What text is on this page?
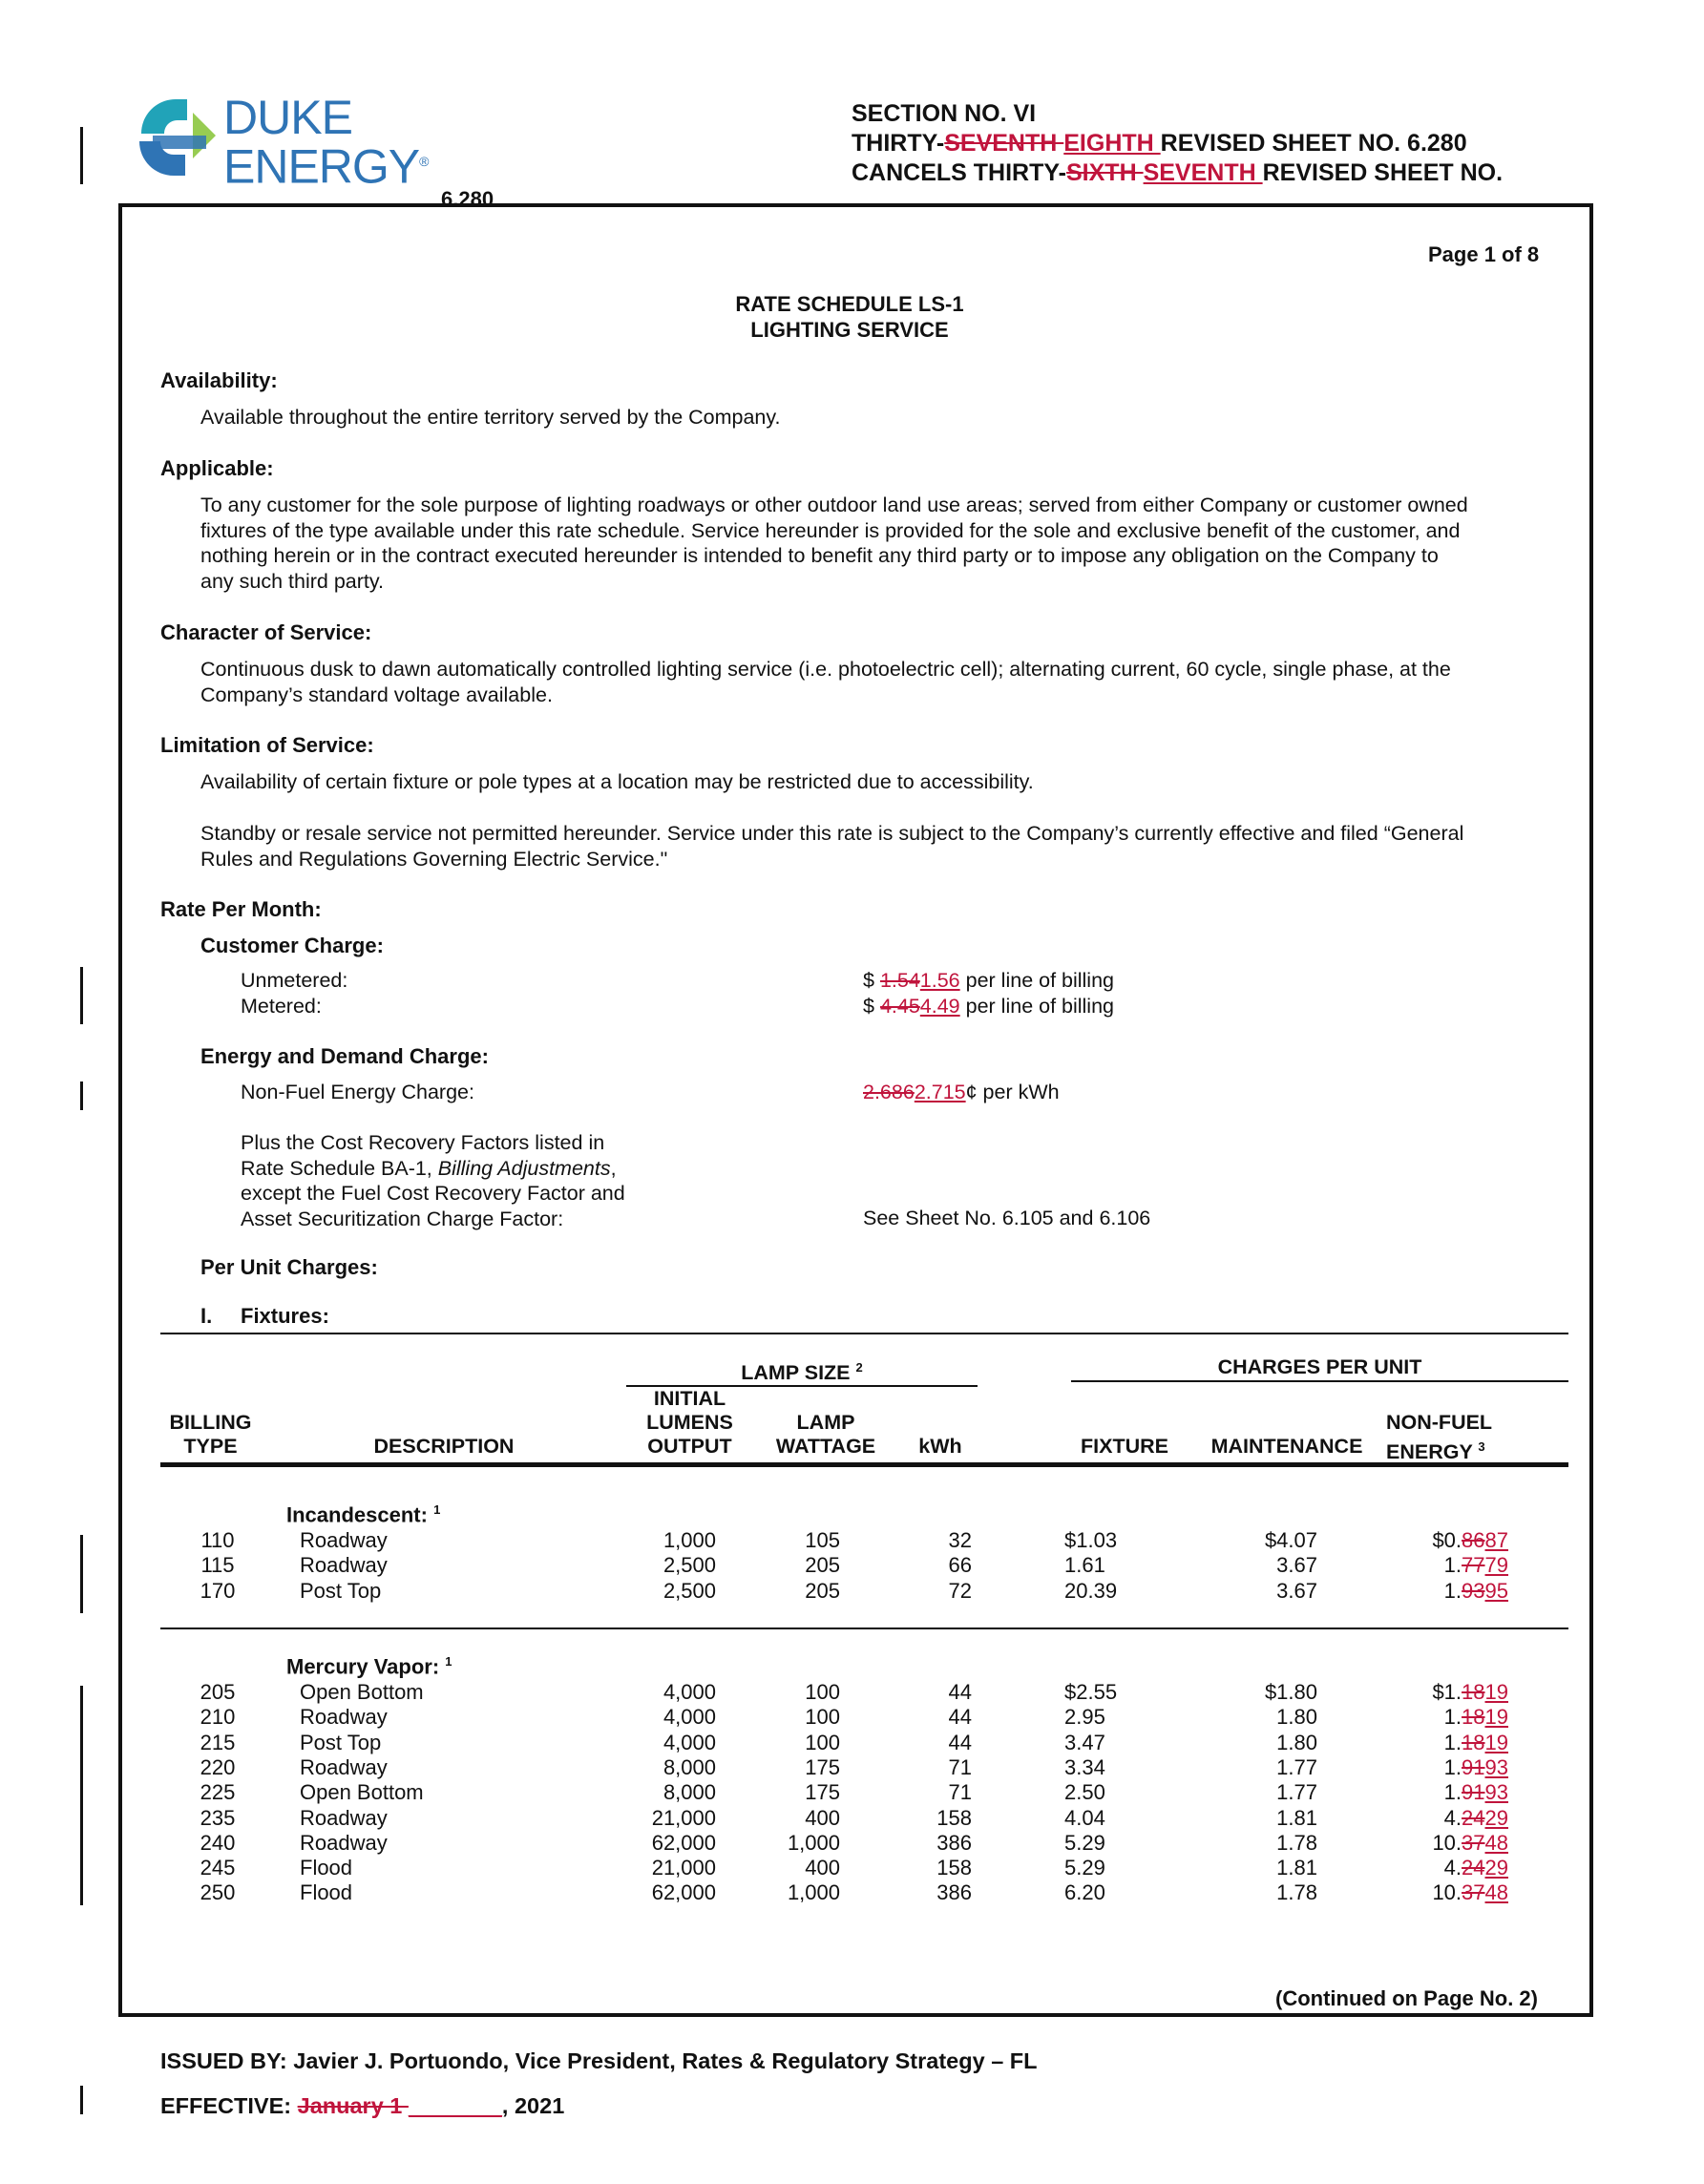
DUKE
ENERGY®
6.280
SECTION NO. VI
THIRTY-SEVENTH EIGHTH REVISED SHEET NO. 6.280
CANCELS THIRTY-SIXTH SEVENTH REVISED SHEET NO.
Page 1 of 8
RATE SCHEDULE LS-1
LIGHTING SERVICE
Availability:
Available throughout the entire territory served by the Company.
Applicable:
To any customer for the sole purpose of lighting roadways or other outdoor land use areas; served from either Company or customer owned
fixtures of the type available under this rate schedule. Service hereunder is provided for the sole and exclusive benefit of the customer, and
nothing herein or in the contract executed hereunder is intended to benefit any third party or to impose any obligation on the Company to
any such third party.
Character of Service:
Continuous dusk to dawn automatically controlled lighting service (i.e. photoelectric cell); alternating current, 60 cycle, single phase, at the
Company’s standard voltage available.
Limitation of Service:
Availability of certain fixture or pole types at a location may be restricted due to accessibility.
Standby or resale service not permitted hereunder. Service under this rate is subject to the Company’s currently effective and filed “General
Rules and Regulations Governing Electric Service."
Rate Per Month:
Customer Charge:
Unmetered:	$ 1.541.56 per line of billing
Metered:	$ 4.454.49 per line of billing
Energy and Demand Charge:
Non-Fuel Energy Charge:	2.6862.715¢ per kWh
Plus the Cost Recovery Factors listed in
Rate Schedule BA-1, Billing Adjustments,
except the Fuel Cost Recovery Factor and
Asset Securitization Charge Factor:	See Sheet No. 6.105 and 6.106
Per Unit Charges:
I. Fixtures:
LAMP SIZE $^2$	CHARGES PER UNIT
BILLING
TYPE	DESCRIPTION
INITIAL
LUMENS
OUTPUT
LAMP
WATTAGE	kWh	FIXTURE	MAINTENANCE
NON-FUEL
ENERGY $^3$
Incandescent: $^1$
110	Roadway	1,000	105	32	$1.03	$4.07	$0.8687
115	Roadway	2,500	205	66	1.61	3.67	1.7779
170	Post Top	2,500	205	72	20.39	3.67	1.9395
Mercury Vapor: $^1$
205	Open Bottom	4,000	100	44	$2.55	$1.80	$1.1819
210	Roadway	4,000	100	44	2.95	1.80	1.1819
215	Post Top	4,000	100	44	3.47	1.80	1.1819
220	Roadway	8,000	175	71	3.34	1.77	1.9193
225	Open Bottom	8,000	175	71	2.50	1.77	1.9193
235	Roadway	21,000	400	158	4.04	1.81	4.2429
240	Roadway	62,000	1,000	386	5.29	1.78	10.3748
245	Flood	21,000	400	158	5.29	1.81	4.2429
250	Flood	62,000	1,000	386	6.20	1.78	10.3748
(Continued on Page No. 2)
ISSUED BY: Javier J. Portuondo, Vice President, Rates & Regulatory Strategy – FL
EFFECTIVE: January 1 ______ _, 2021
